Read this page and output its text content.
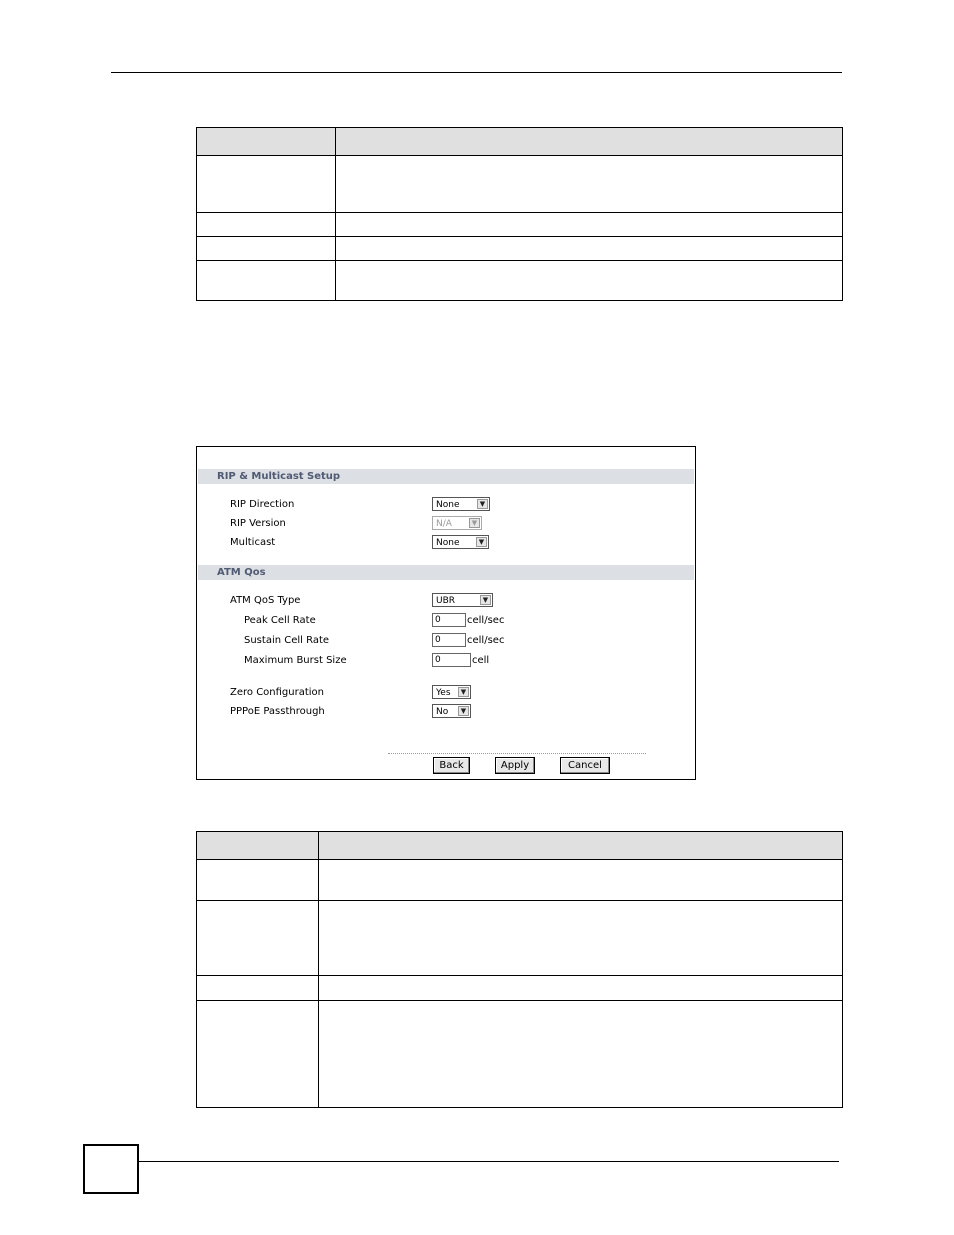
RIP & Multicast Setup
RIP Direction	None	▼
RIP Version	N/A	▼
Multicast	None	▼
ATM Qos
ATM QoS Type	UBR	▼
Peak Cell Rate	0	cell/sec
Sustain Cell Rate	0	cell/sec
Maximum Burst Size	0	cell
Zero Configuration	Yes	▼
PPPoE Passthrough	No	▼
Back	Apply	Cancel
